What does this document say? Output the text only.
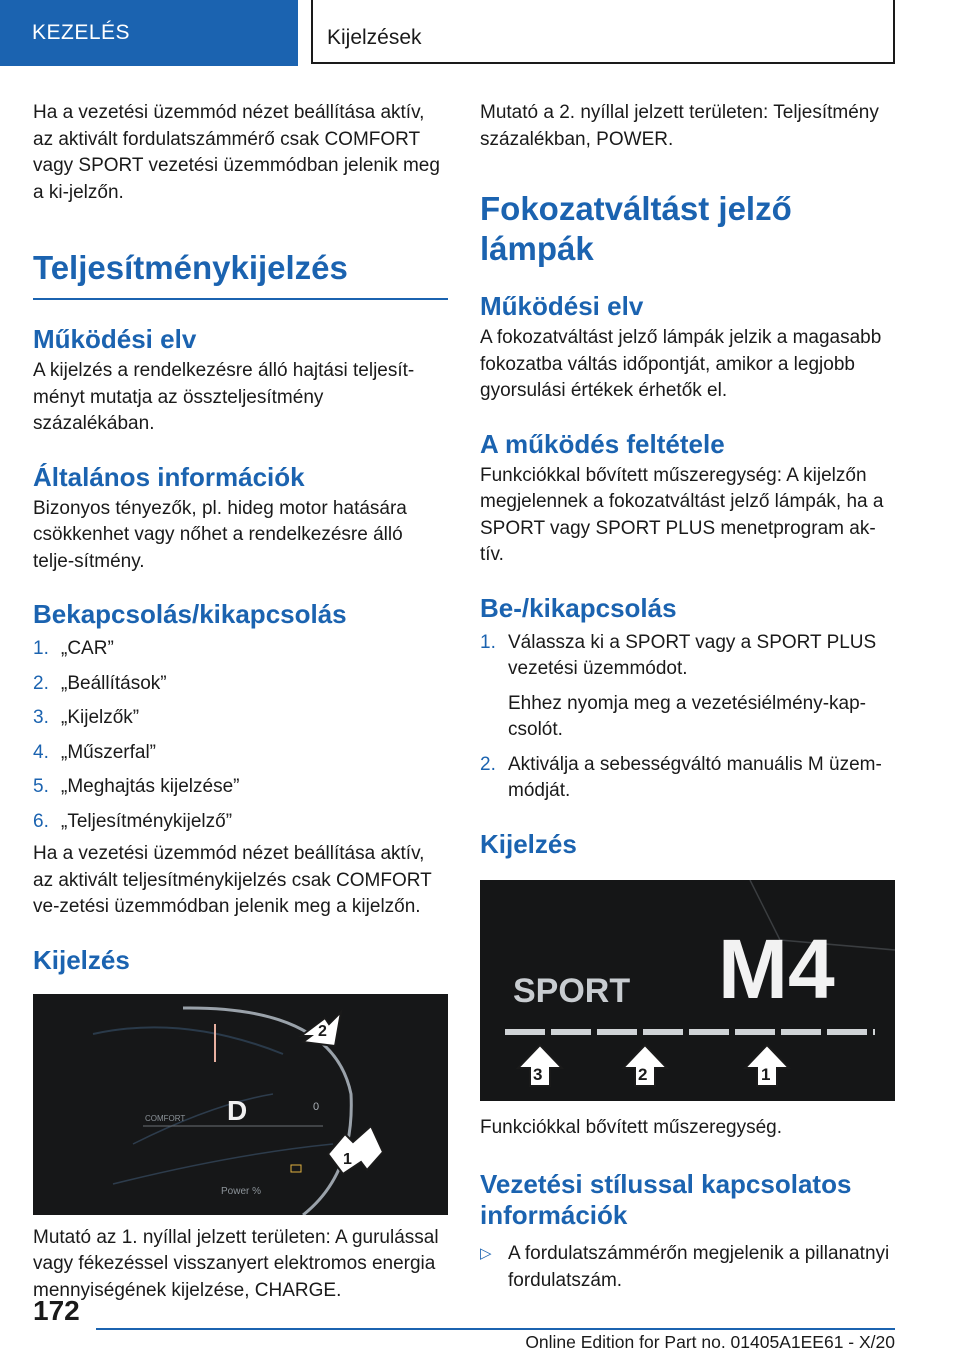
KEZELÉS	Kijelzések

Ha a vezetési üzemmód nézet beállítása aktív, az aktivált fordulatszámmérő csak COMFORT vagy SPORT vezetési üzemmódban jelenik meg a ki-jelzőn.

Teljesítménykijelzés
Működési elv

A kijelzés a rendelkezésre álló hajtási teljesít-ményt mutatja az összteljesítmény százalékában.

Általános információk

Bizonyos tényezők, pl. hideg motor hatására csökkenhet vagy nőhet a rendelkezésre álló telje-sítmény.

Bekapcsolás/kikapcsolás
1. „CAR”
2. „Beállítások”
3. „Kijelzők”
4. „Műszerfal”
5. „Meghajtás kijelzése”
6. „Teljesítménykijelző”

Ha a vezetési üzemmód nézet beállítása aktív, az aktivált teljesítménykijelzés csak COMFORT ve-zetési üzemmódban jelenik meg a kijelzőn.

Kijelzés
COMFORT D	0
Power %
2
1

Mutató az 1. nyíllal jelzett területen: A gurulással vagy fékezéssel visszanyert elektromos energia mennyiségének kijelzése, CHARGE.

Mutató a 2. nyíllal jelzett területen: Teljesítmény százalékban, POWER.

Fokozatváltást jelző lámpák
Működési elv

A fokozatváltást jelző lámpák jelzik a magasabb fokozatba váltás időpontját, amikor a legjobb gyorsulási értékek érhetők el.

A működés feltétele

Funkciókkal bővített műszeregység: A kijelzőn megjelennek a fokozatváltást jelző lámpák, ha a SPORT vagy SPORT PLUS menetprogram ak-tív.

Be-/kikapcsolás
1. Válassza ki a SPORT vagy a SPORT PLUS vezetési üzemmódot.
Ehhez nyomja meg a vezetésiélmény-kap-csolót.
2. Aktiválja a sebességváltó manuális M üzem-módját.
Kijelzés
SPORT M4
3	2	1

Funkciókkal bővített műszeregység.

Vezetési stílussal kapcsolatos információk
▷ A fordulatszámmérőn megjelenik a pillanatnyi fordulatszám.
172
Online Edition for Part no. 01405A1EE61 - X/20
